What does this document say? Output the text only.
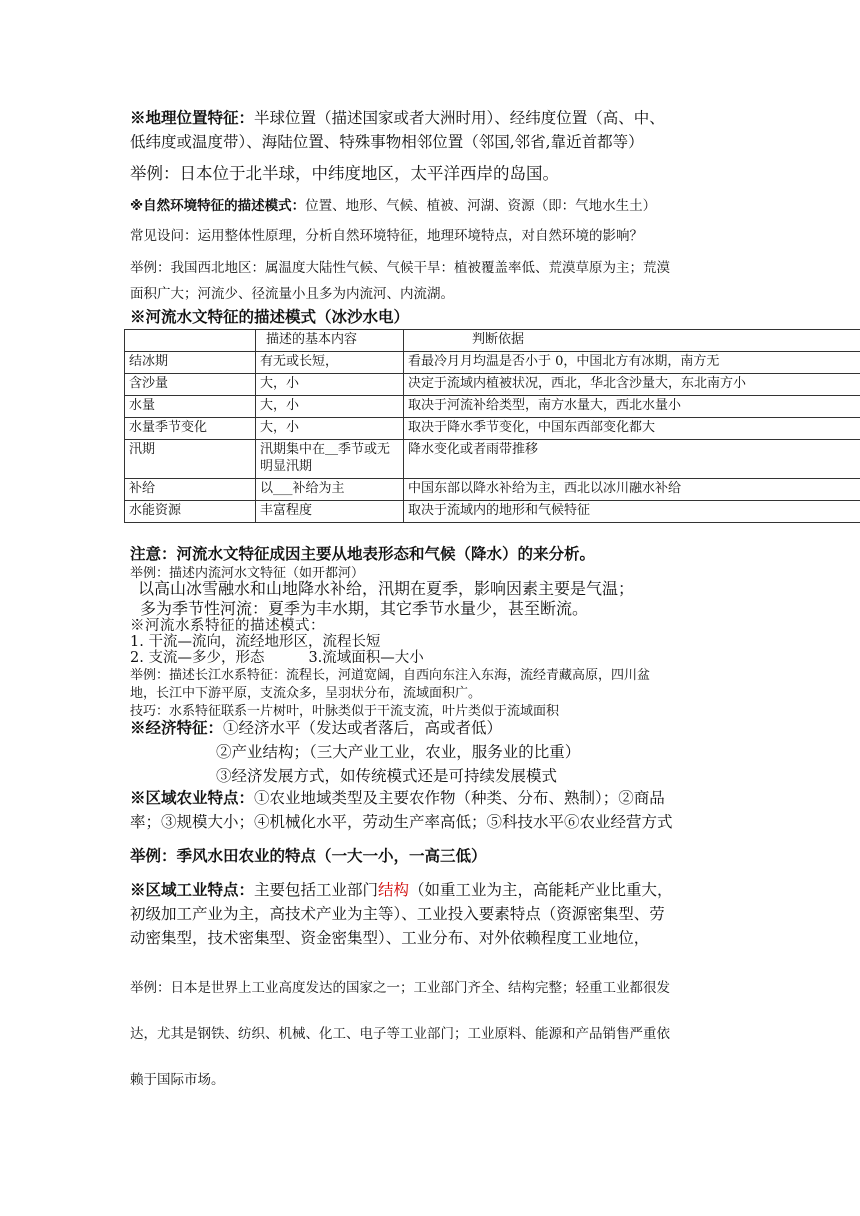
※地理位置特征：半球位置（描述国家或者大洲时用）、经纬度位置（高、中、
低纬度或温度带）、海陆位置、特殊事物相邻位置（邻国,邻省,靠近首都等）
举例：日本位于北半球，中纬度地区，太平洋西岸的岛国。
※自然环境特征的描述模式：位置、地形、气候、植被、河湖、资源（即：气地水生土）
常见设问：运用整体性原理，分析自然环境特征，地理环境特点，对自然环境的影响？
举例：我国西北地区：属温度大陆性气候、气候干旱：植被覆盖率低、荒漠草原为主；荒漠
面积广大；河流少、径流量小且多为内流河、内流湖。
※河流水文特征的描述模式（冰沙水电）
	描述的基本内容	判断依据
结冰期	有无或长短，	看最冷月月均温是否小于 0，中国北方有冰期，南方无
含沙量	大，小	决定于流域内植被状况，西北，华北含沙量大，东北南方小
水量	大，小	取决于河流补给类型，南方水量大，西北水量小
水量季节变化	大，小	取决于降水季节变化，中国东西部变化都大
汛期	汛期集中在＿季节或无明显汛期	降水变化或者雨带推移
补给	以___补给为主	中国东部以降水补给为主，西北以冰川融水补给
水能资源	丰富程度	取决于流域内的地形和气候特征
注意：河流水文特征成因主要从地表形态和气候（降水）的来分析。
举例：描述内流河水文特征（如开都河）
以高山冰雪融水和山地降水补给，汛期在夏季，影响因素主要是气温；
多为季节性河流：夏季为丰水期，其它季节水量少，甚至断流。
※河流水系特征的描述模式：
1. 干流—流向，流经地形区，流程长短
2. 支流—多少，形态	3.流域面积—大小
举例：描述长江水系特征：流程长，河道宽阔，自西向东注入东海，流经青藏高原，四川盆
地，长江中下游平原，支流众多，呈羽状分布，流域面积广。
技巧：水系特征联系一片树叶，叶脉类似于干流支流，叶片类似于流域面积
※经济特征：①经济水平（发达或者落后，高或者低）
②产业结构；（三大产业工业，农业，服务业的比重）
③经济发展方式，如传统模式还是可持续发展模式
※区域农业特点：①农业地域类型及主要农作物（种类、分布、熟制）；②商品
率；③规模大小；④机械化水平，劳动生产率高低；⑤科技水平⑥农业经营方式
举例：季风水田农业的特点（一大一小，一高三低）
※区域工业特点：主要包括工业部门结构（如重工业为主，高能耗产业比重大，
初级加工产业为主，高技术产业为主等）、工业投入要素特点（资源密集型、劳
动密集型，技术密集型、资金密集型）、工业分布、对外依赖程度工业地位，
举例：日本是世界上工业高度发达的国家之一；工业部门齐全、结构完整；轻重工业都很发
达，尤其是钢铁、纺织、机械、化工、电子等工业部门；工业原料、能源和产品销售严重依
赖于国际市场。
